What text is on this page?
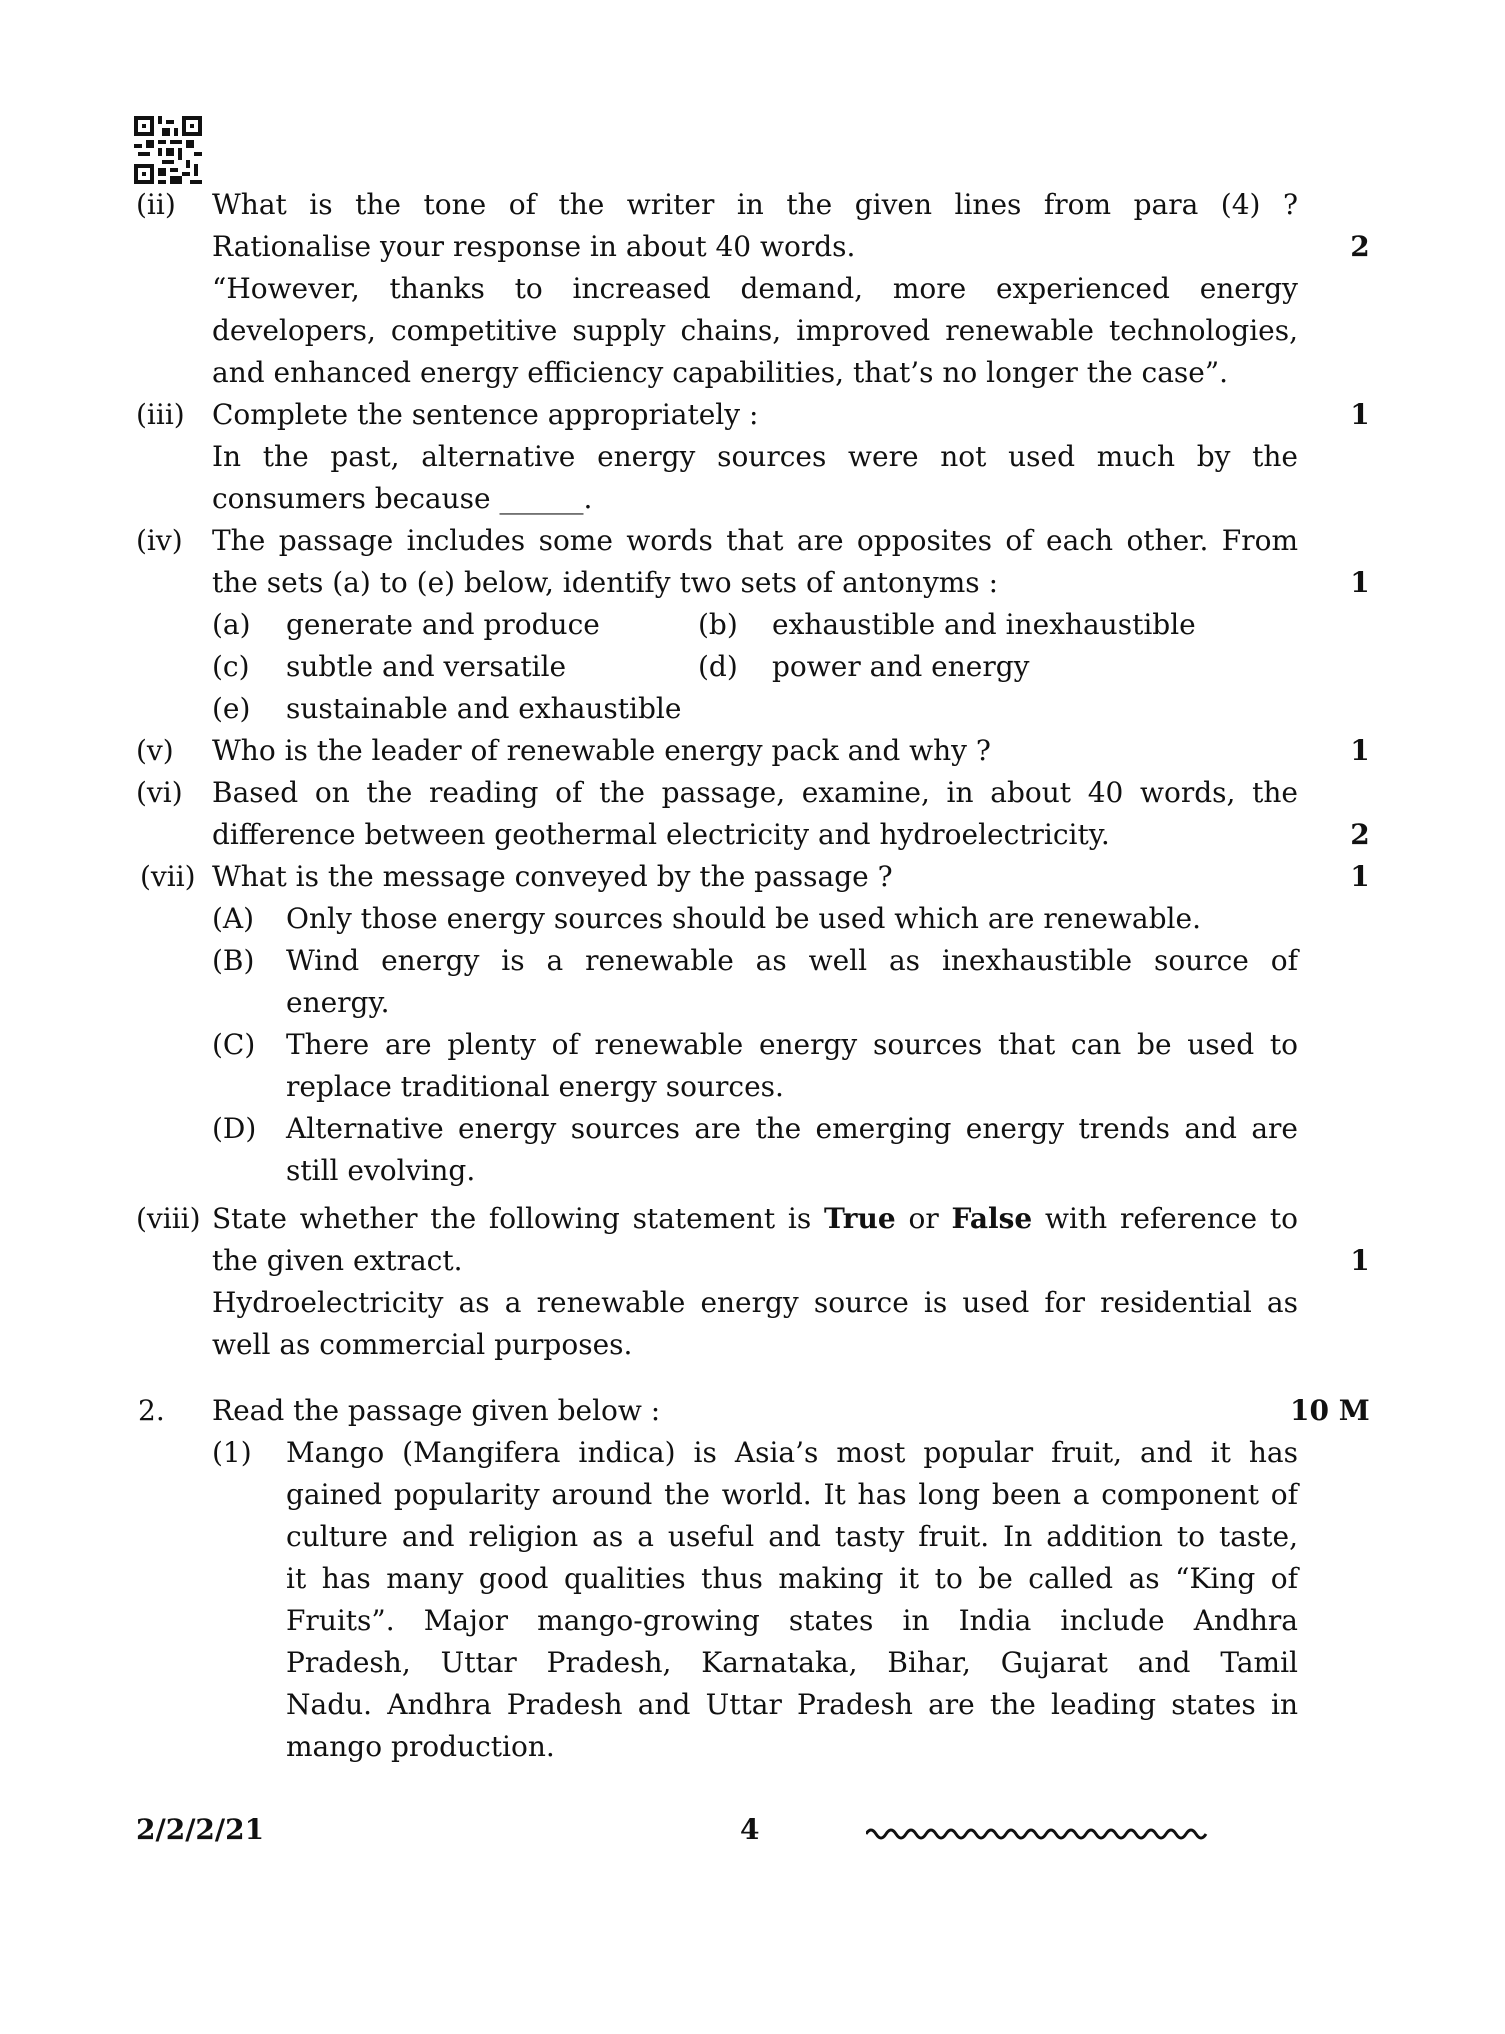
(ii) What is the tone of the writer in the given lines from para (4) ?
Rationalise your response in about 40 words.
“However, thanks to increased demand, more experienced energy
developers, competitive supply chains, improved renewable technologies,
and enhanced energy efficiency capabilities, that’s no longer the case”.
2
(iii) Complete the sentence appropriately :
In the past, alternative energy sources were not used much by the
consumers because ______.
1
(iv) The passage includes some words that are opposites of each other. From
the sets (a) to (e) below, identify two sets of antonyms :	1
(a) generate and produce	(b) exhaustible and inexhaustible
(c) subtle and versatile	(d) power and energy
(e) sustainable and exhaustible
(v) Who is the leader of renewable energy pack and why ?	1
(vi) Based on the reading of the passage, examine, in about 40 words, the
difference between geothermal electricity and hydroelectricity.	2
(vii) What is the message conveyed by the passage ?	1
(A) Only those energy sources should be used which are renewable.
(B) Wind energy is a renewable as well as inexhaustible source of
energy.
(C) There are plenty of renewable energy sources that can be used to
replace traditional energy sources.
(D) Alternative energy sources are the emerging energy trends and are
still evolving.
(viii) State whether the following statement is True or False with reference to
the given extract.
Hydroelectricity as a renewable energy source is used for residential as
well as commercial purposes.
1
2. Read the passage given below :	10 M
(1) Mango (Mangifera indica) is Asia’s most popular fruit, and it has
gained popularity around the world. It has long been a component of
culture and religion as a useful and tasty fruit. In addition to taste,
it has many good qualities thus making it to be called as “King of
Fruits”. Major mango-growing states in India include Andhra
Pradesh, Uttar Pradesh, Karnataka, Bihar, Gujarat and Tamil
Nadu. Andhra Pradesh and Uttar Pradesh are the leading states in
mango production.
2/2/2/21	4
